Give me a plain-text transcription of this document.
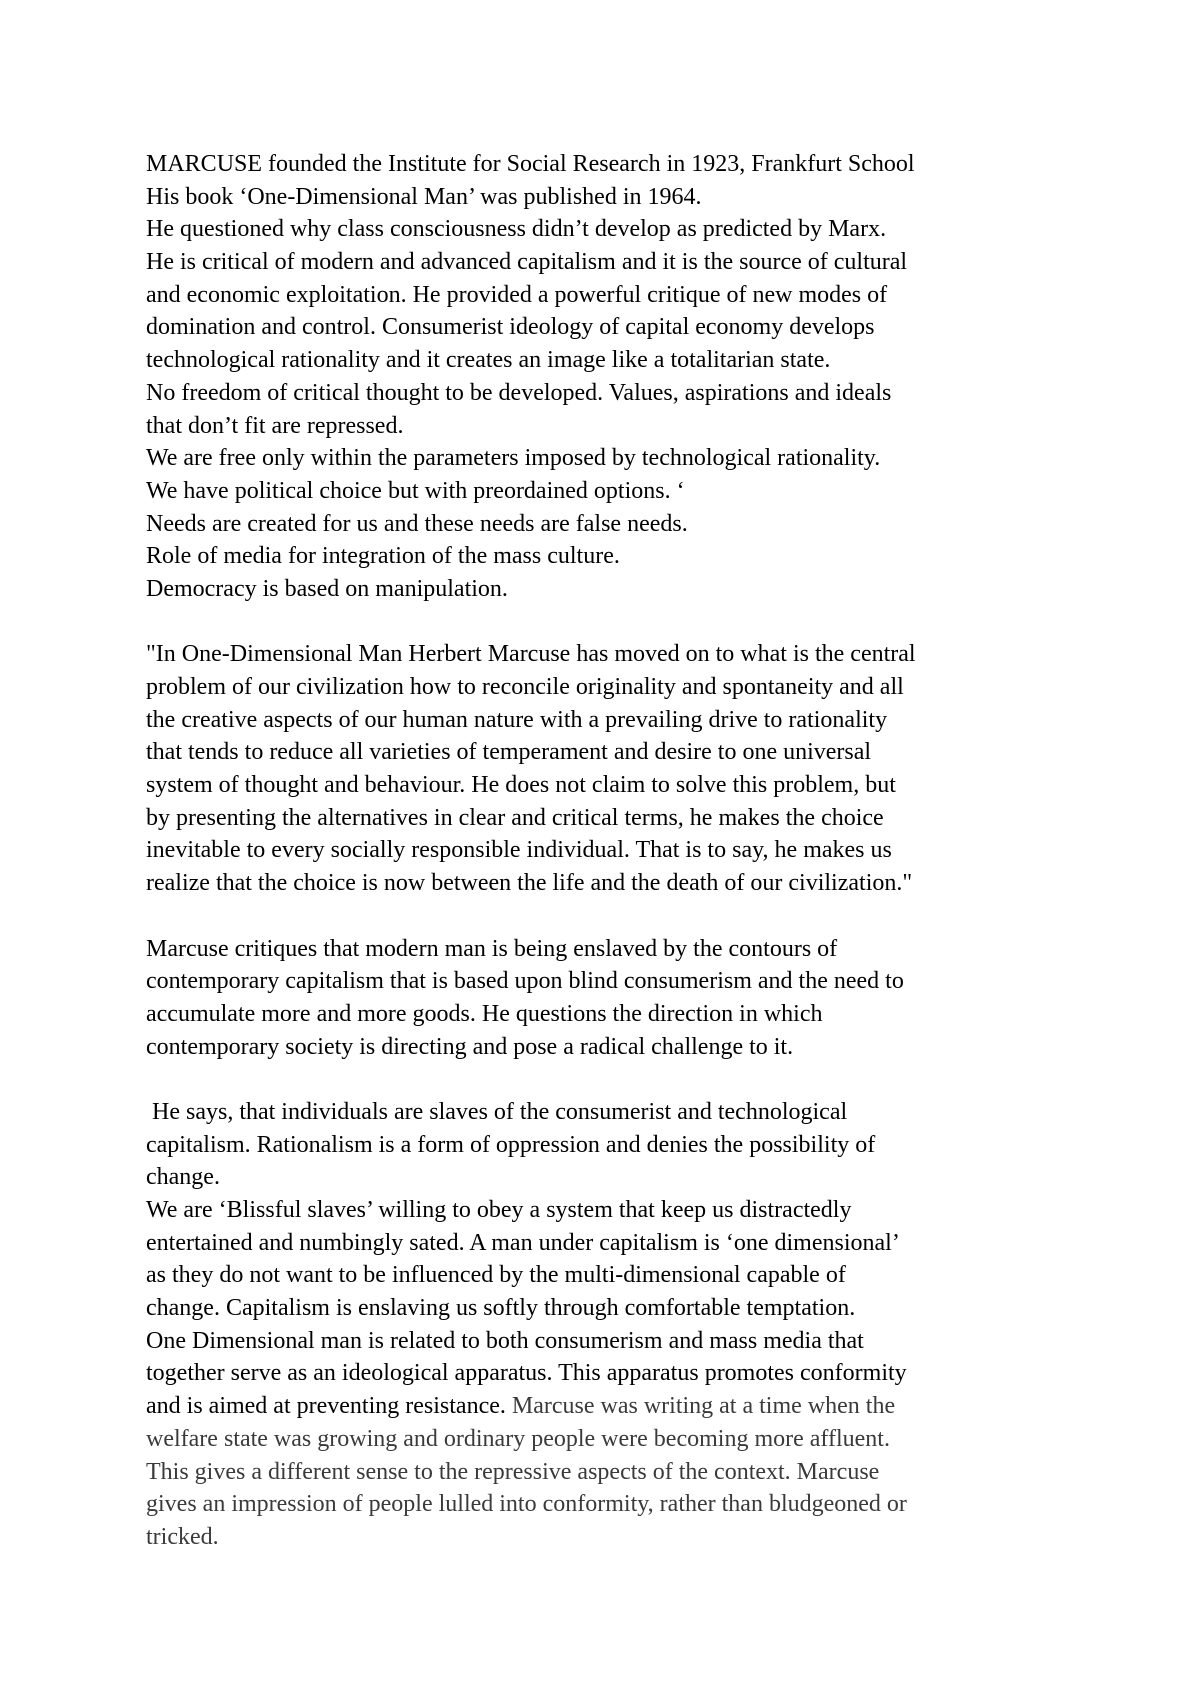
MARCUSE founded the Institute for Social Research in 1923, Frankfurt School
His book ‘One-Dimensional Man’ was published in 1964.
He questioned why class consciousness didn’t develop as predicted by Marx.
He is critical of modern and advanced capitalism and it is the source of cultural
and economic exploitation. He provided a powerful critique of new modes of
domination and control. Consumerist ideology of capital economy develops
technological rationality and it creates an image like a totalitarian state.
No freedom of critical thought to be developed. Values, aspirations and ideals
that don’t fit are repressed.
We are free only within the parameters imposed by technological rationality.
We have political choice but with preordained options. ‘
Needs are created for us and these needs are false needs.
Role of media for integration of the mass culture.
Democracy is based on manipulation.
"In One-Dimensional Man Herbert Marcuse has moved on to what is the central
problem of our civilization how to reconcile originality and spontaneity and all
the creative aspects of our human nature with a prevailing drive to rationality
that tends to reduce all varieties of temperament and desire to one universal
system of thought and behaviour. He does not claim to solve this problem, but
by presenting the alternatives in clear and critical terms, he makes the choice
inevitable to every socially responsible individual. That is to say, he makes us
realize that the choice is now between the life and the death of our civilization."
Marcuse critiques that modern man is being enslaved by the contours of
contemporary capitalism that is based upon blind consumerism and the need to
accumulate more and more goods. He questions the direction in which
contemporary society is directing and pose a radical challenge to it.
He says, that individuals are slaves of the consumerist and technological
capitalism. Rationalism is a form of oppression and denies the possibility of
change.
We are ‘Blissful slaves’ willing to obey a system that keep us distractedly
entertained and numbingly sated. A man under capitalism is ‘one dimensional’
as they do not want to be influenced by the multi-dimensional capable of
change. Capitalism is enslaving us softly through comfortable temptation.
One Dimensional man is related to both consumerism and mass media that
together serve as an ideological apparatus. This apparatus promotes conformity
and is aimed at preventing resistance. Marcuse was writing at a time when the
welfare state was growing and ordinary people were becoming more affluent.
This gives a different sense to the repressive aspects of the context. Marcuse
gives an impression of people lulled into conformity, rather than bludgeoned or
tricked.
